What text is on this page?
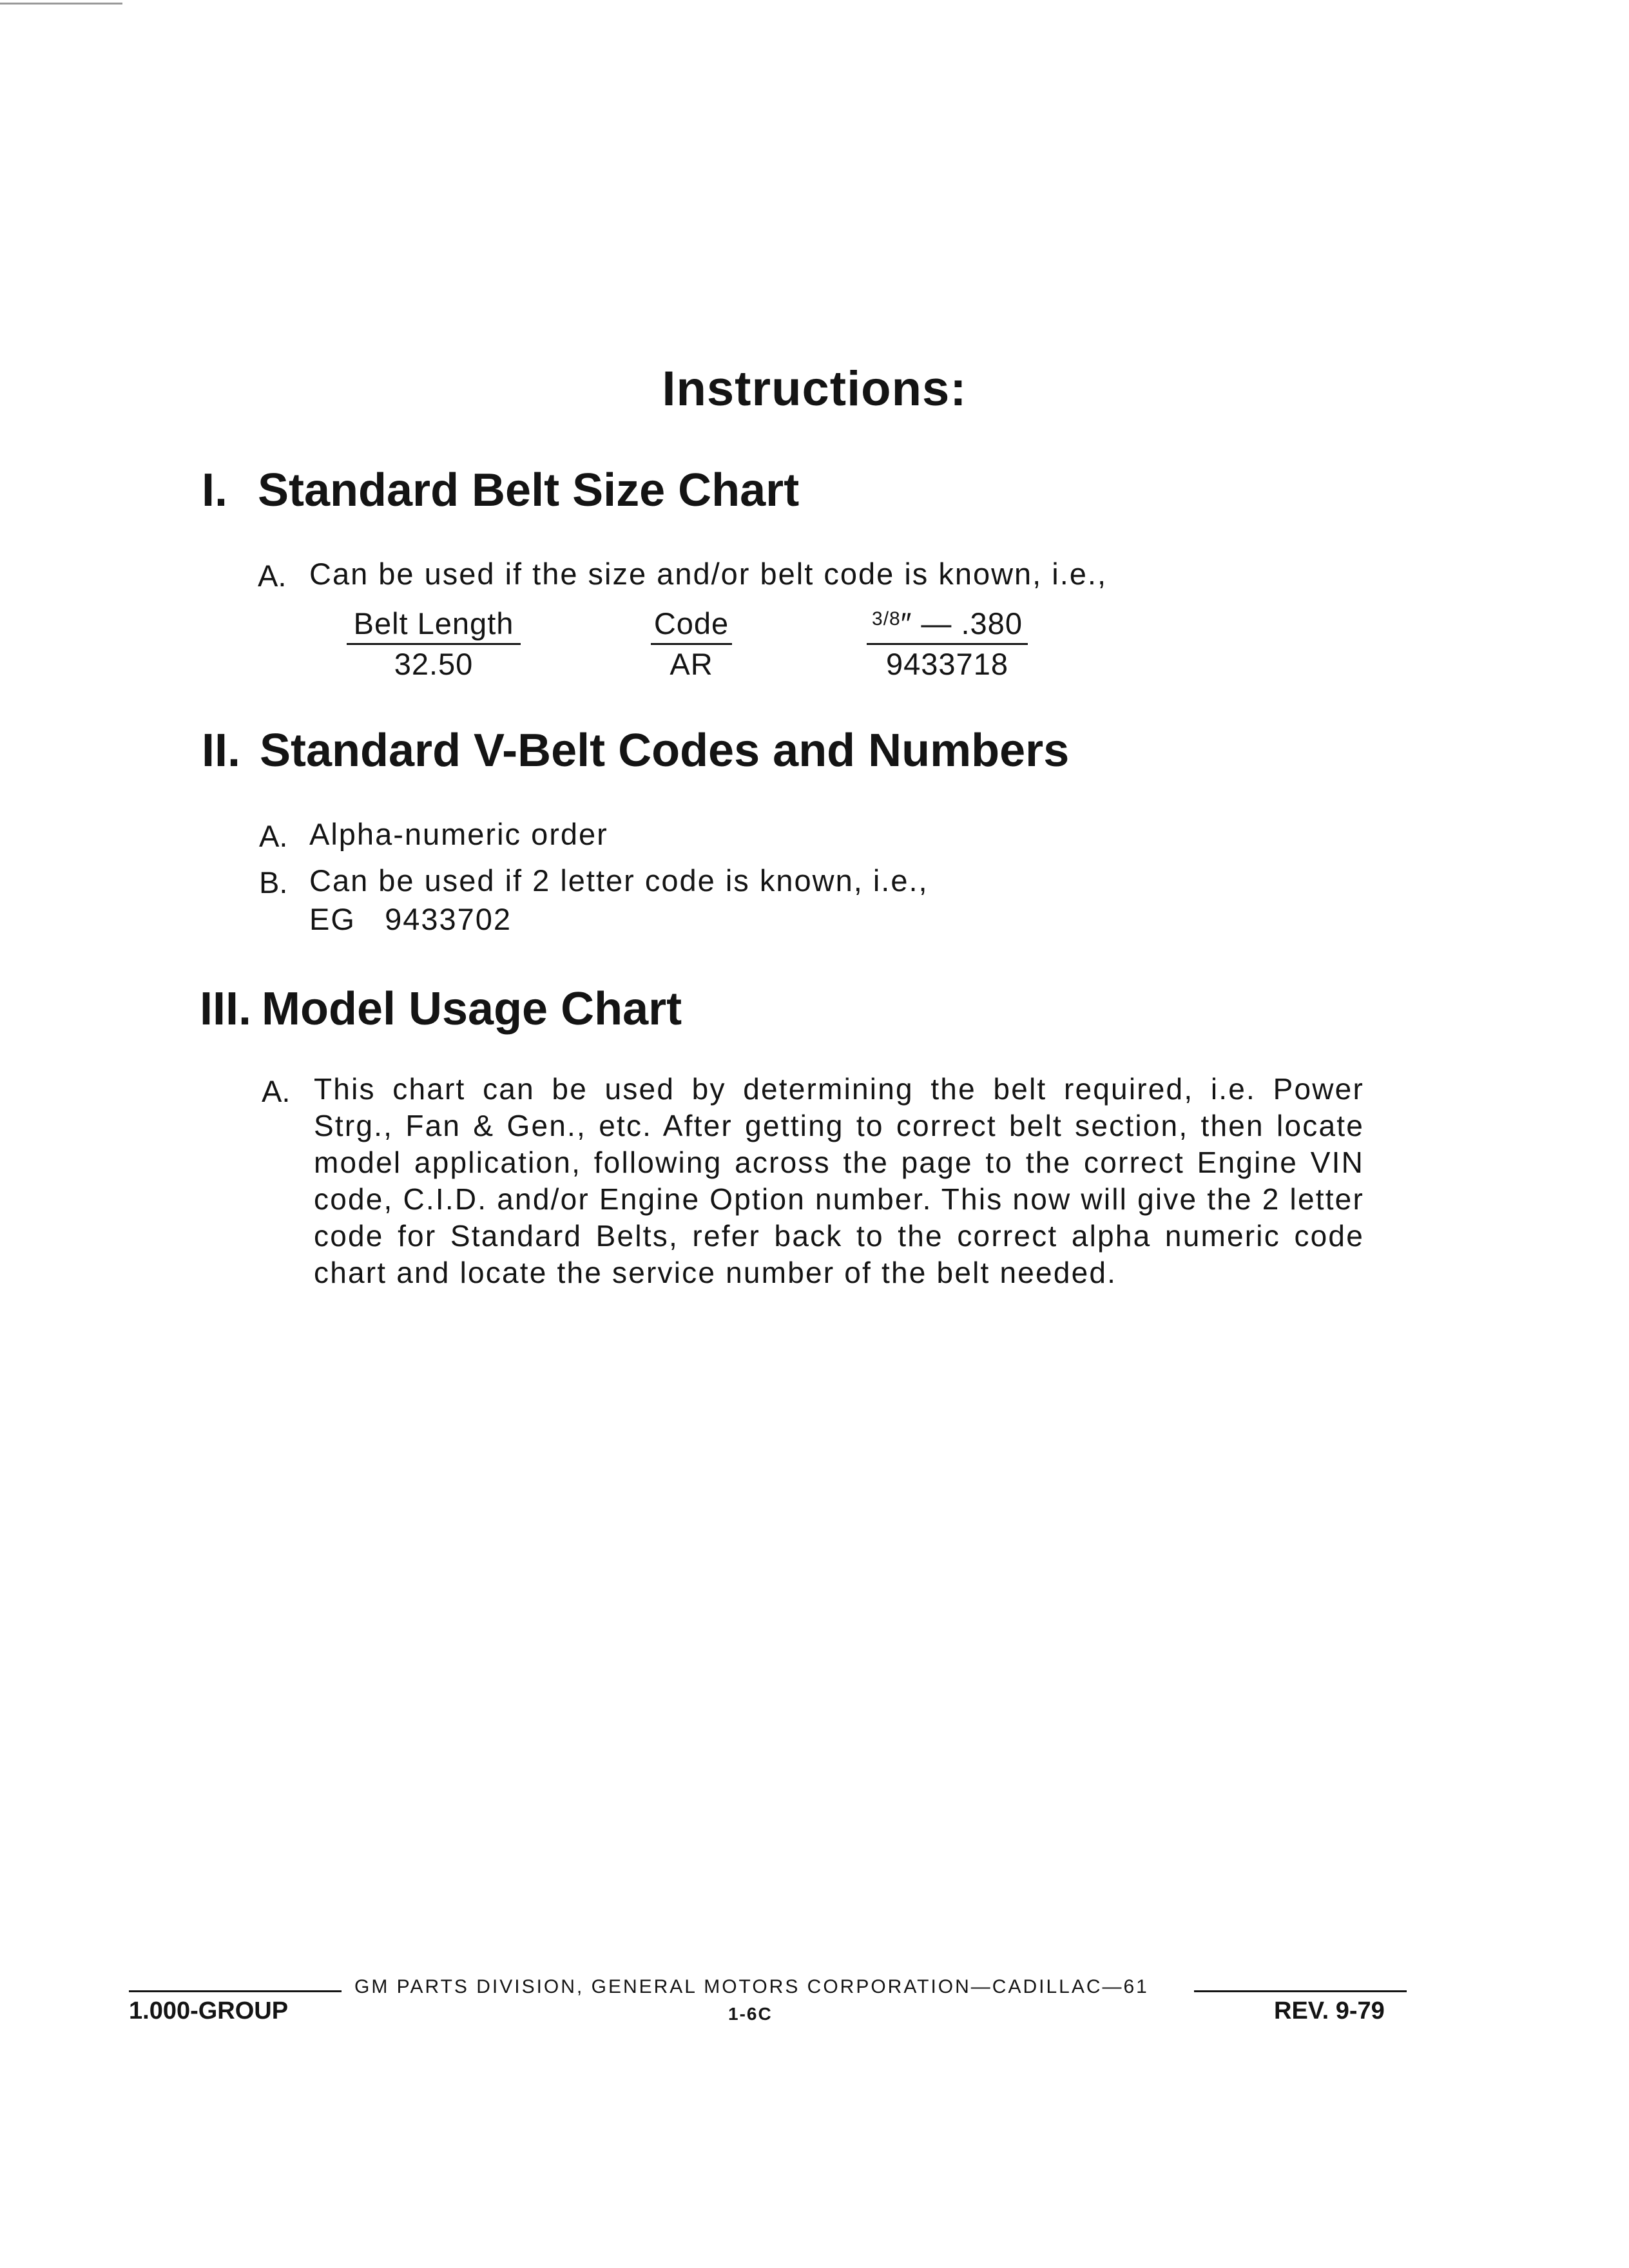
Instructions:
I. Standard Belt Size Chart
A. Can be used if the size and/or belt code is known, i.e.,
Belt Length
32.50
Code
AR
$^{3/8}$″ — .380
9433718
II. Standard V-Belt Codes and Numbers
A. Alpha-numeric order
B. Can be used if 2 letter code is known, i.e.,
EG   9433702
III. Model Usage Chart
A. This chart can be used by determining the belt required, i.e. Power Strg., Fan & Gen., etc. After getting to correct belt section, then locate model application, following across the page to the correct Engine VIN code, C.I.D. and/or Engine Option number. This now will give the 2 letter code for Standard Belts, refer back to the correct alpha numeric code chart and locate the service number of the belt needed.
GM PARTS DIVISION, GENERAL MOTORS CORPORATION—CADILLAC—61
1.000-GROUP	1-6C	REV. 9-79
